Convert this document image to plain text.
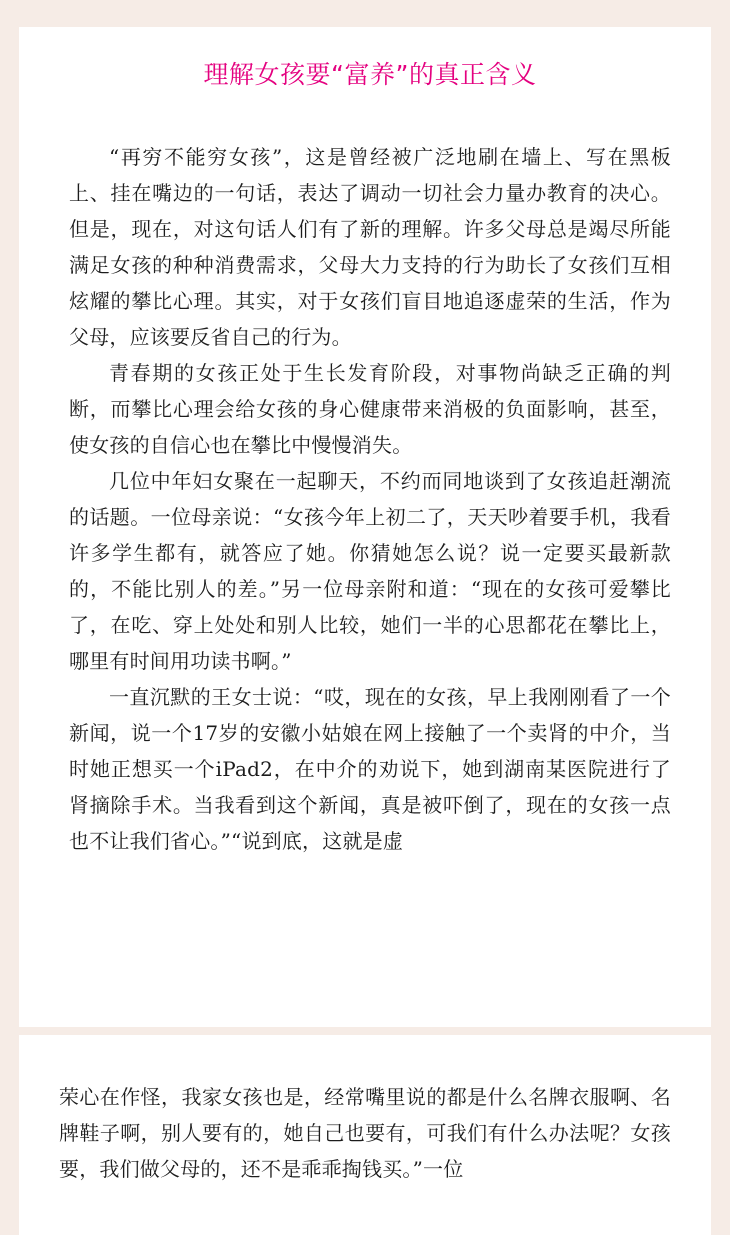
理解女孩要“富养”的真正含义

“再穷不能穷女孩”，这是曾经被广泛地刷在墙上、写在黑板上、挂在嘴边的一句话，表达了调动一切社会力量办教育的决心。但是，现在，对这句话人们有了新的理解。许多父母总是竭尽所能满足女孩的种种消费需求，父母大力支持的行为助长了女孩们互相炫耀的攀比心理。其实，对于女孩们盲目地追逐虚荣的生活，作为父母，应该要反省自己的行为。

青春期的女孩正处于生长发育阶段，对事物尚缺乏正确的判断，而攀比心理会给女孩的身心健康带来消极的负面影响，甚至，使女孩的自信心也在攀比中慢慢消失。

几位中年妇女聚在一起聊天，不约而同地谈到了女孩追赶潮流的话题。一位母亲说：“女孩今年上初二了，天天吵着要手机，我看许多学生都有，就答应了她。你猜她怎么说？说一定要买最新款的，不能比别人的差。”另一位母亲附和道：“现在的女孩可爱攀比了，在吃、穿上处处和别人比较，她们一半的心思都花在攀比上，哪里有时间用功读书啊。”

一直沉默的王女士说：“哎，现在的女孩，早上我刚刚看了一个新闻，说一个17岁的安徽小姑娘在网上接触了一个卖肾的中介，当时她正想买一个iPad2，在中介的劝说下，她到湖南某医院进行了肾摘除手术。当我看到这个新闻，真是被吓倒了，现在的女孩一点也不让我们省心。”“说到底，这就是虚

荣心在作怪，我家女孩也是，经常嘴里说的都是什么名牌衣服啊、名牌鞋子啊，别人要有的，她自己也要有，可我们有什么办法呢？女孩要，我们做父母的，还不是乖乖掏钱买。”一位
